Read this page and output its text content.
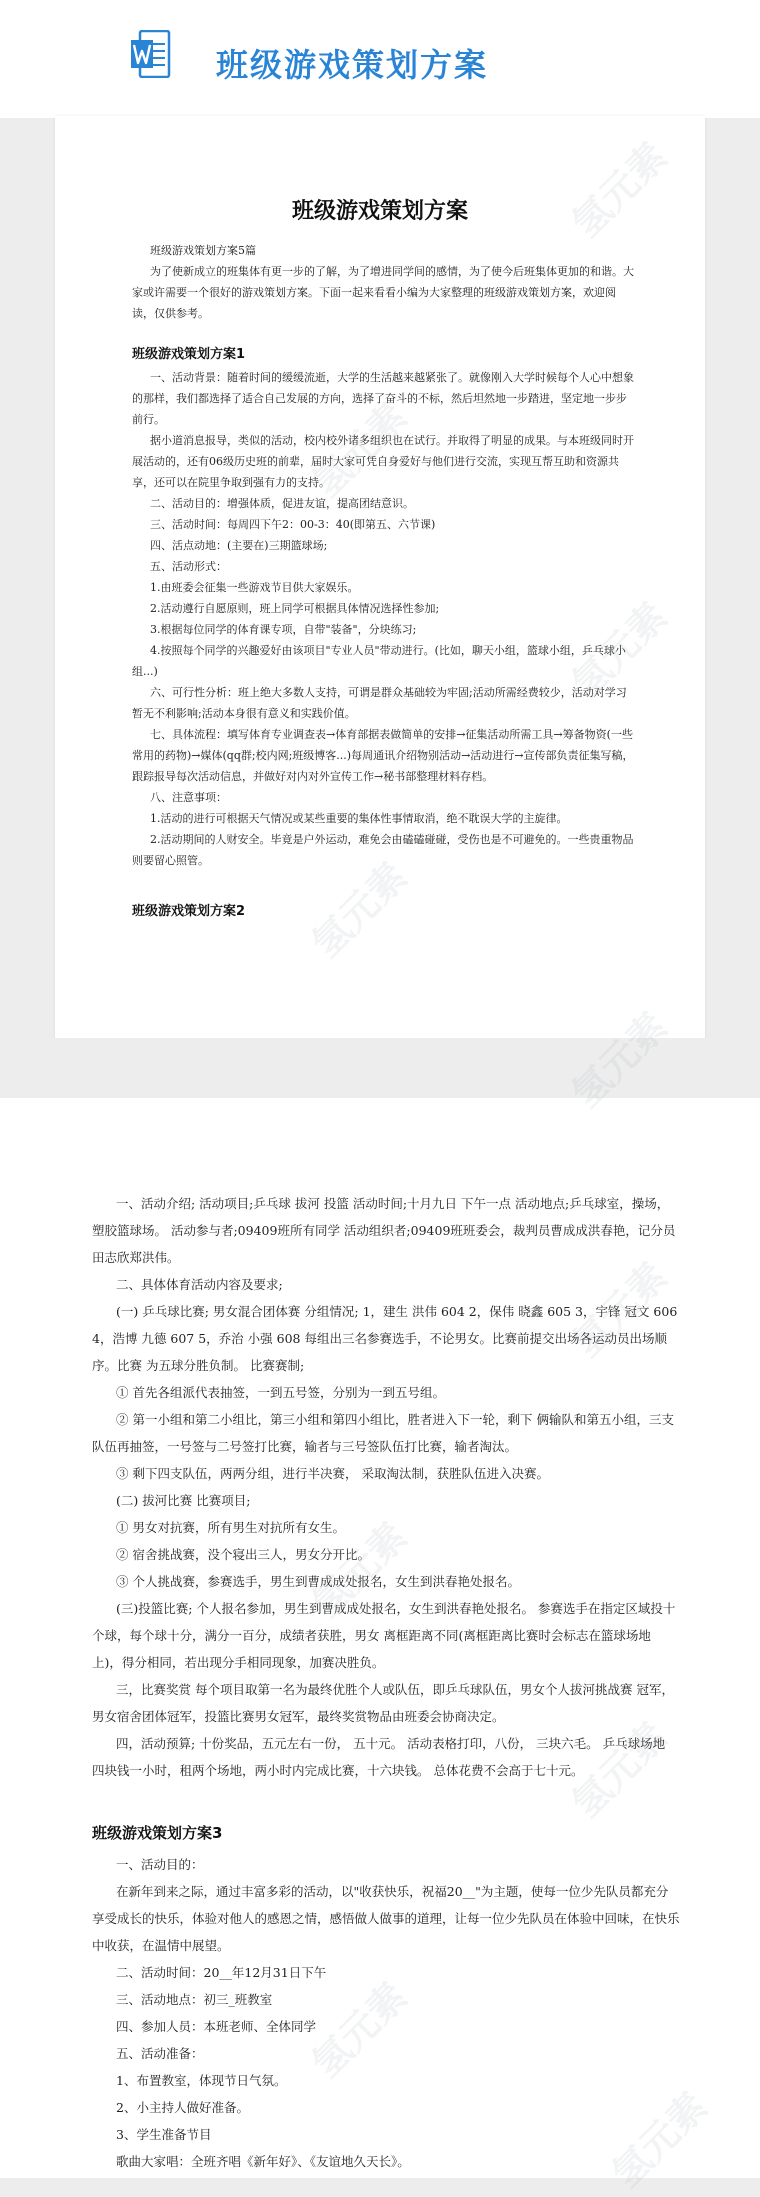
班级游戏策划方案
班级游戏策划方案

班级游戏策划方案5篇

为了使新成立的班集体有更一步的了解，为了增进同学间的感情，为了使今后班集体更加的和谐。大家或许需要一个很好的游戏策划方案。下面一起来看看小编为大家整理的班级游戏策划方案，欢迎阅读，仅供参考。

班级游戏策划方案1

一、活动背景：随着时间的缓缓流逝，大学的生活越来越紧张了。就像刚入大学时候每个人心中想象的那样，我们都选择了适合自己发展的方向，选择了奋斗的不标，然后坦然地一步踏进，坚定地一步步前行。

据小道消息报导，类似的活动，校内校外诸多组织也在试行。并取得了明显的成果。与本班级同时开展活动的，还有06级历史班的前辈，届时大家可凭自身爱好与他们进行交流，实现互帮互助和资源共享，还可以在院里争取到强有力的支持。

二、活动目的：增强体质，促进友谊，提高团结意识。

三、活动时间：每周四下午2：00-3：40(即第五、六节课)

四、活点动地：(主要在)三期篮球场;

五、活动形式：

1.由班委会征集一些游戏节目供大家娱乐。

2.活动遵行自愿原则，班上同学可根据具体情况选择性参加;

3.根据每位同学的体育课专项，自带"装备"，分块练习;

4.按照每个同学的兴趣爱好由该项目"专业人员"带动进行。(比如，聊天小组，篮球小组，乒乓球小组...)

六、可行性分析：班上绝大多数人支持，可谓是群众基础较为牢固;活动所需经费较少，活动对学习暂无不利影响;活动本身很有意义和实践价值。

七、具体流程：填写体育专业调查表→体育部据表做简单的安排→征集活动所需工具→筹备物资(一些常用的药物)→媒体(qq群;校内网;班级博客...)每周通讯介绍物别活动→活动进行→宣传部负责征集写稿，跟踪报导每次活动信息，并做好对内对外宣传工作→秘书部整理材料存档。

八、注意事项：

1.活动的进行可根据天气情况或某些重要的集体性事情取消，绝不耽误大学的主旋律。

2.活动期间的人财安全。毕竟是户外运动，难免会由磕磕碰碰，受伤也是不可避免的。一些贵重物品则要留心照管。

班级游戏策划方案2

一、活动介绍; 活动项目;乒乓球 拔河 投篮 活动时间;十月九日 下午一点 活动地点;乒乓球室，操场，塑胶篮球场。 活动参与者;09409班所有同学 活动组织者;09409班班委会，裁判员曹成成洪春艳，记分员田志欣郑洪伟。

二、具体体育活动内容及要求;

(一) 乒乓球比赛; 男女混合团体赛 分组情况; 1，建生 洪伟 604 2，保伟 晓鑫 605 3，宇锋 冠文 606 4，浩博 九德 607 5，乔治 小强 608 每组出三名参赛选手，不论男女。比赛前提交出场各运动员出场顺序。比赛 为五球分胜负制。 比赛赛制;

① 首先各组派代表抽签，一到五号签，分别为一到五号组。

② 第一小组和第二小组比，第三小组和第四小组比，胜者进入下一轮，剩下 俩输队和第五小组，三支队伍再抽签，一号签与二号签打比赛，输者与三号签队伍打比赛，输者淘汰。

③ 剩下四支队伍，两两分组，进行半决赛， 采取淘汰制，获胜队伍进入决赛。

(二) 拔河比赛 比赛项目;

① 男女对抗赛，所有男生对抗所有女生。

② 宿舍挑战赛，没个寝出三人，男女分开比。

③ 个人挑战赛，参赛选手，男生到曹成成处报名，女生到洪春艳处报名。

(三)投篮比赛; 个人报名参加，男生到曹成成处报名，女生到洪春艳处报名。 参赛选手在指定区域投十个球，每个球十分，满分一百分，成绩者获胜，男女 离框距离不同(离框距离比赛时会标志在篮球场地上)，得分相同，若出现分手相同现象，加赛决胜负。

三，比赛奖赏 每个项目取第一名为最终优胜个人或队伍，即乒乓球队伍，男女个人拔河挑战赛 冠军，男女宿舍团体冠军，投篮比赛男女冠军，最终奖赏物品由班委会协商决定。

四，活动预算; 十份奖品，五元左右一份， 五十元。 活动表格打印，八份， 三块六毛。 乒乓球场地 四块钱一小时，租两个场地，两小时内完成比赛，十六块钱。 总体花费不会高于七十元。

班级游戏策划方案3

一、活动目的：

在新年到来之际，通过丰富多彩的活动，以"收获快乐，祝福20__"为主题，使每一位少先队员都充分享受成长的快乐，体验对他人的感恩之情，感悟做人做事的道理，让每一位少先队员在体验中回味，在快乐中收获，在温情中展望。

二、活动时间：20__年12月31日下午

三、活动地点：初三_班教室

四、参加人员：本班老师、全体同学

五、活动准备：

1、布置教室，体现节日气氛。

2、小主持人做好准备。

3、学生准备节目

歌曲大家唱：全班齐唱《新年好》、《友谊地久天长》。
